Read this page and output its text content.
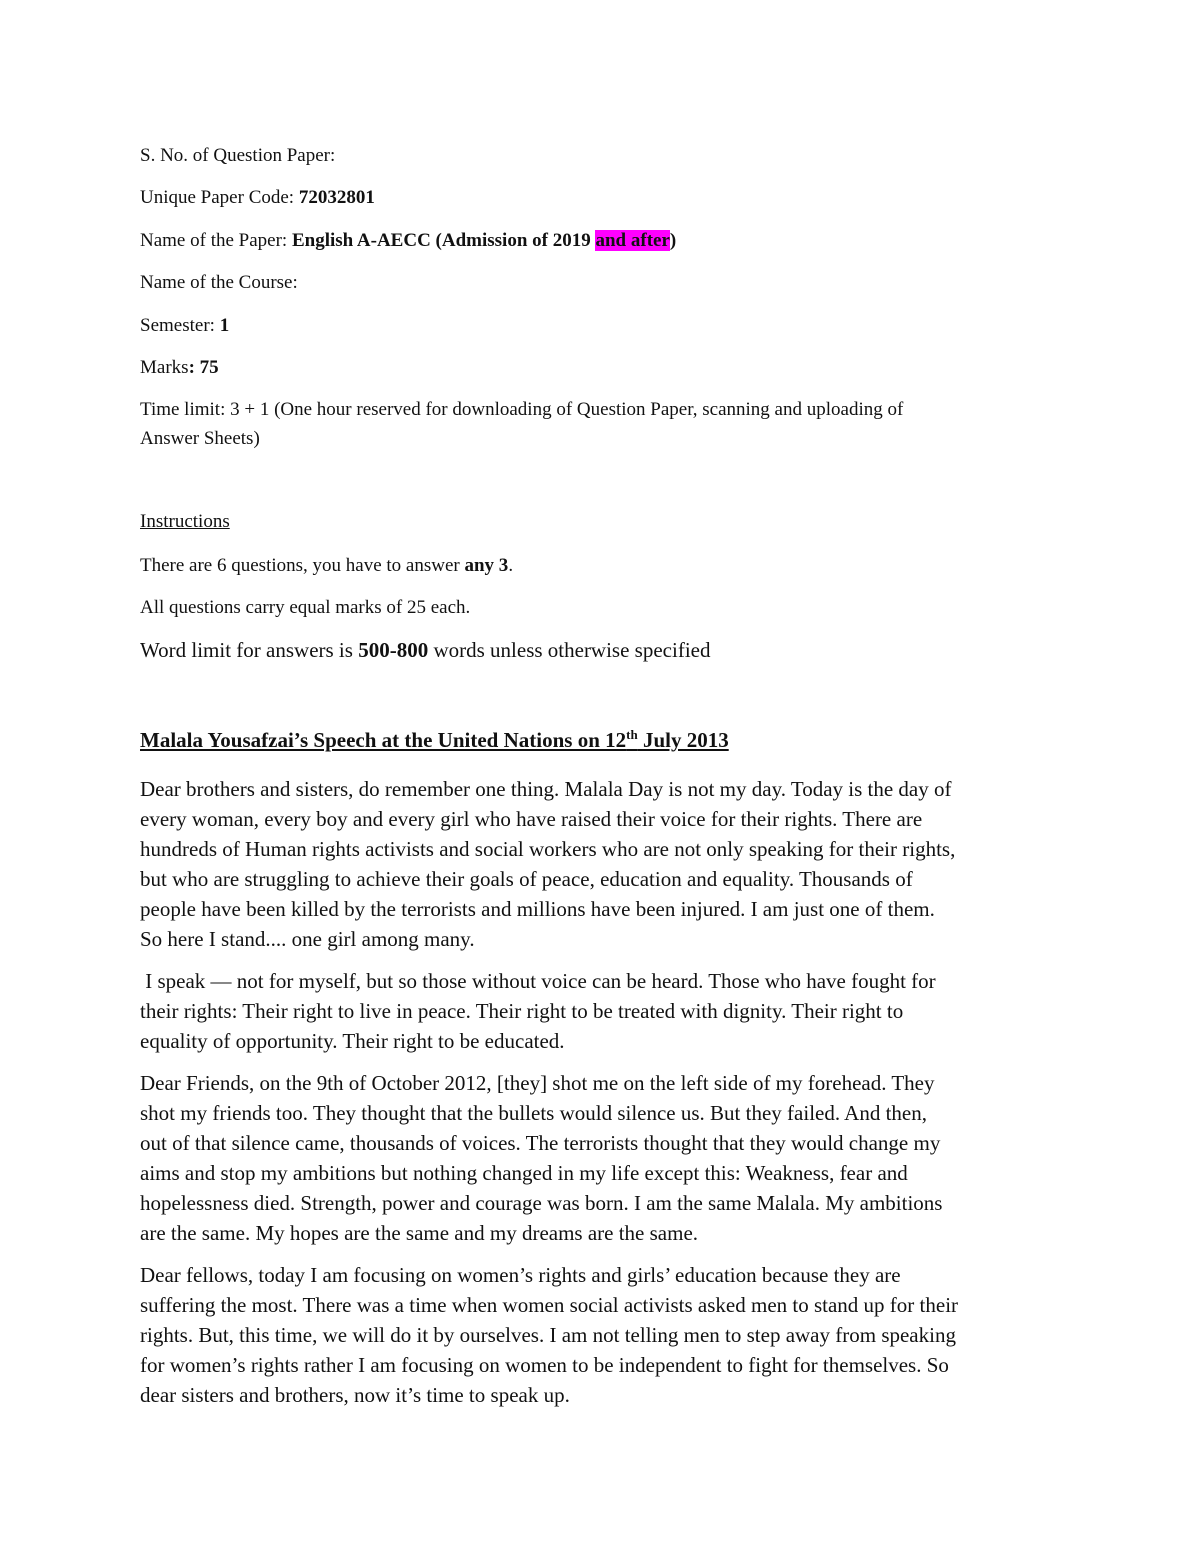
S. No. of Question Paper:
Unique Paper Code: 72032801
Name of the Paper: English A-AECC (Admission of 2019 and after)
Name of the Course:
Semester: 1
Marks: 75
Time limit: 3 + 1 (One hour reserved for downloading of Question Paper, scanning and uploading of
Answer Sheets)
Instructions
There are 6 questions, you have to answer any 3.
All questions carry equal marks of 25 each.
Word limit for answers is 500-800 words unless otherwise specified
Malala Yousafzai’s Speech at the United Nations on 12th July 2013
Dear brothers and sisters, do remember one thing. Malala Day is not my day. Today is the day of
every woman, every boy and every girl who have raised their voice for their rights. There are
hundreds of Human rights activists and social workers who are not only speaking for their rights,
but who are struggling to achieve their goals of peace, education and equality. Thousands of
people have been killed by the terrorists and millions have been injured. I am just one of them.
So here I stand.... one girl among many.
I speak — not for myself, but so those without voice can be heard. Those who have fought for
their rights: Their right to live in peace. Their right to be treated with dignity. Their right to
equality of opportunity. Their right to be educated.
Dear Friends, on the 9th of October 2012, [they] shot me on the left side of my forehead. They
shot my friends too. They thought that the bullets would silence us. But they failed. And then,
out of that silence came, thousands of voices. The terrorists thought that they would change my
aims and stop my ambitions but nothing changed in my life except this: Weakness, fear and
hopelessness died. Strength, power and courage was born. I am the same Malala. My ambitions
are the same. My hopes are the same and my dreams are the same.
Dear fellows, today I am focusing on women’s rights and girls’ education because they are
suffering the most. There was a time when women social activists asked men to stand up for their
rights. But, this time, we will do it by ourselves. I am not telling men to step away from speaking
for women’s rights rather I am focusing on women to be independent to fight for themselves. So
dear sisters and brothers, now it’s time to speak up.
